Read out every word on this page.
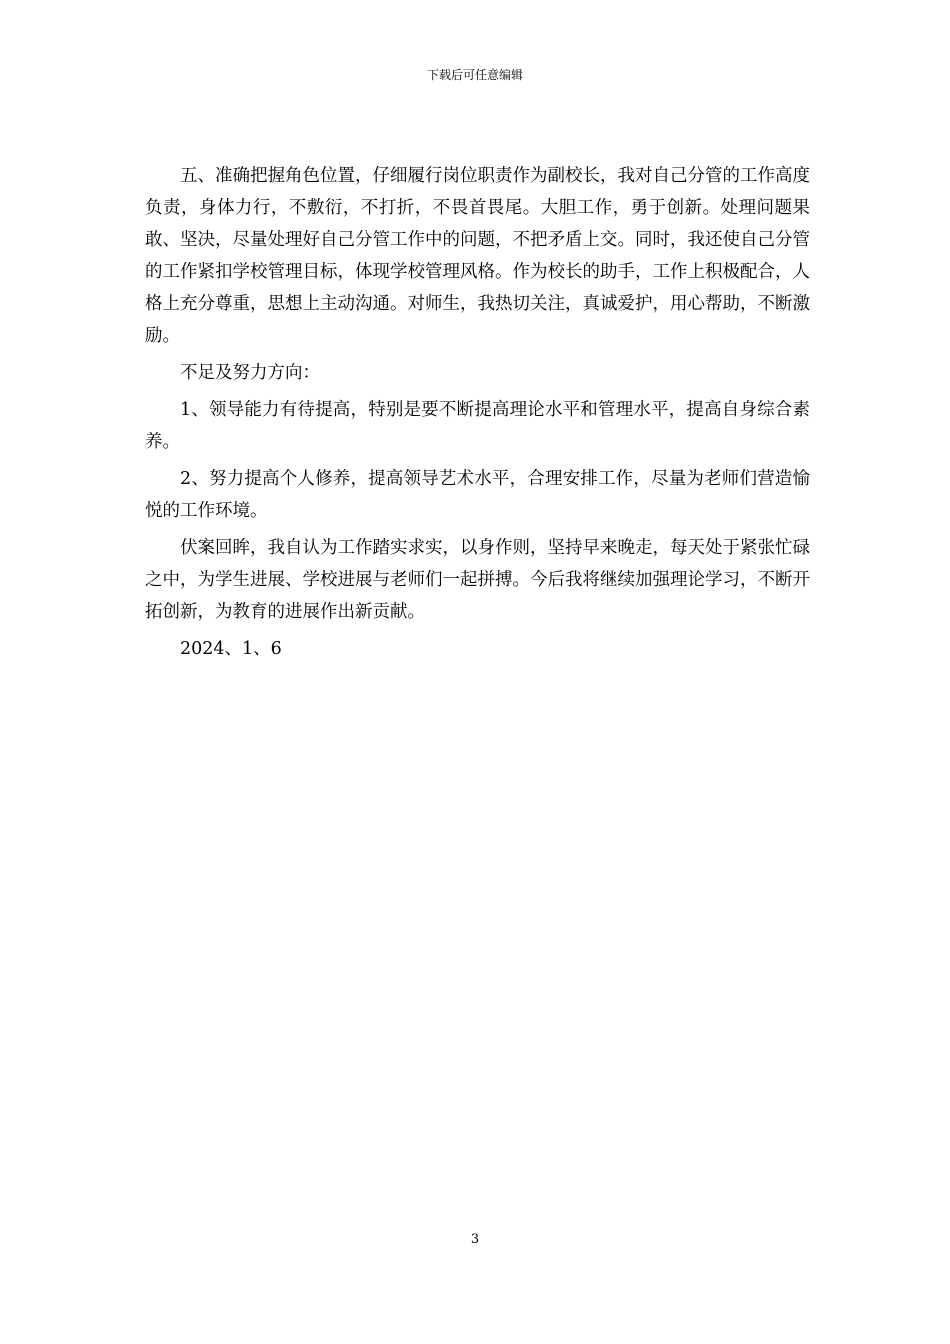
下载后可任意编辑

五、准确把握角色位置，仔细履行岗位职责作为副校长，我对自己分管的工作高度负责，身体力行，不敷衍，不打折，不畏首畏尾。大胆工作，勇于创新。处理问题果敢、坚决，尽量处理好自己分管工作中的问题，不把矛盾上交。同时，我还使自己分管的工作紧扣学校管理目标，体现学校管理风格。作为校长的助手，工作上积极配合，人格上充分尊重，思想上主动沟通。对师生，我热切关注，真诚爱护，用心帮助，不断激励。

不足及努力方向：

1、领导能力有待提高，特别是要不断提高理论水平和管理水平，提高自身综合素养。

2、努力提高个人修养，提高领导艺术水平，合理安排工作，尽量为老师们营造愉悦的工作环境。

伏案回眸，我自认为工作踏实求实，以身作则，坚持早来晚走，每天处于紧张忙碌之中，为学生进展、学校进展与老师们一起拼搏。今后我将继续加强理论学习，不断开拓创新，为教育的进展作出新贡献。

2024、1、6

3
